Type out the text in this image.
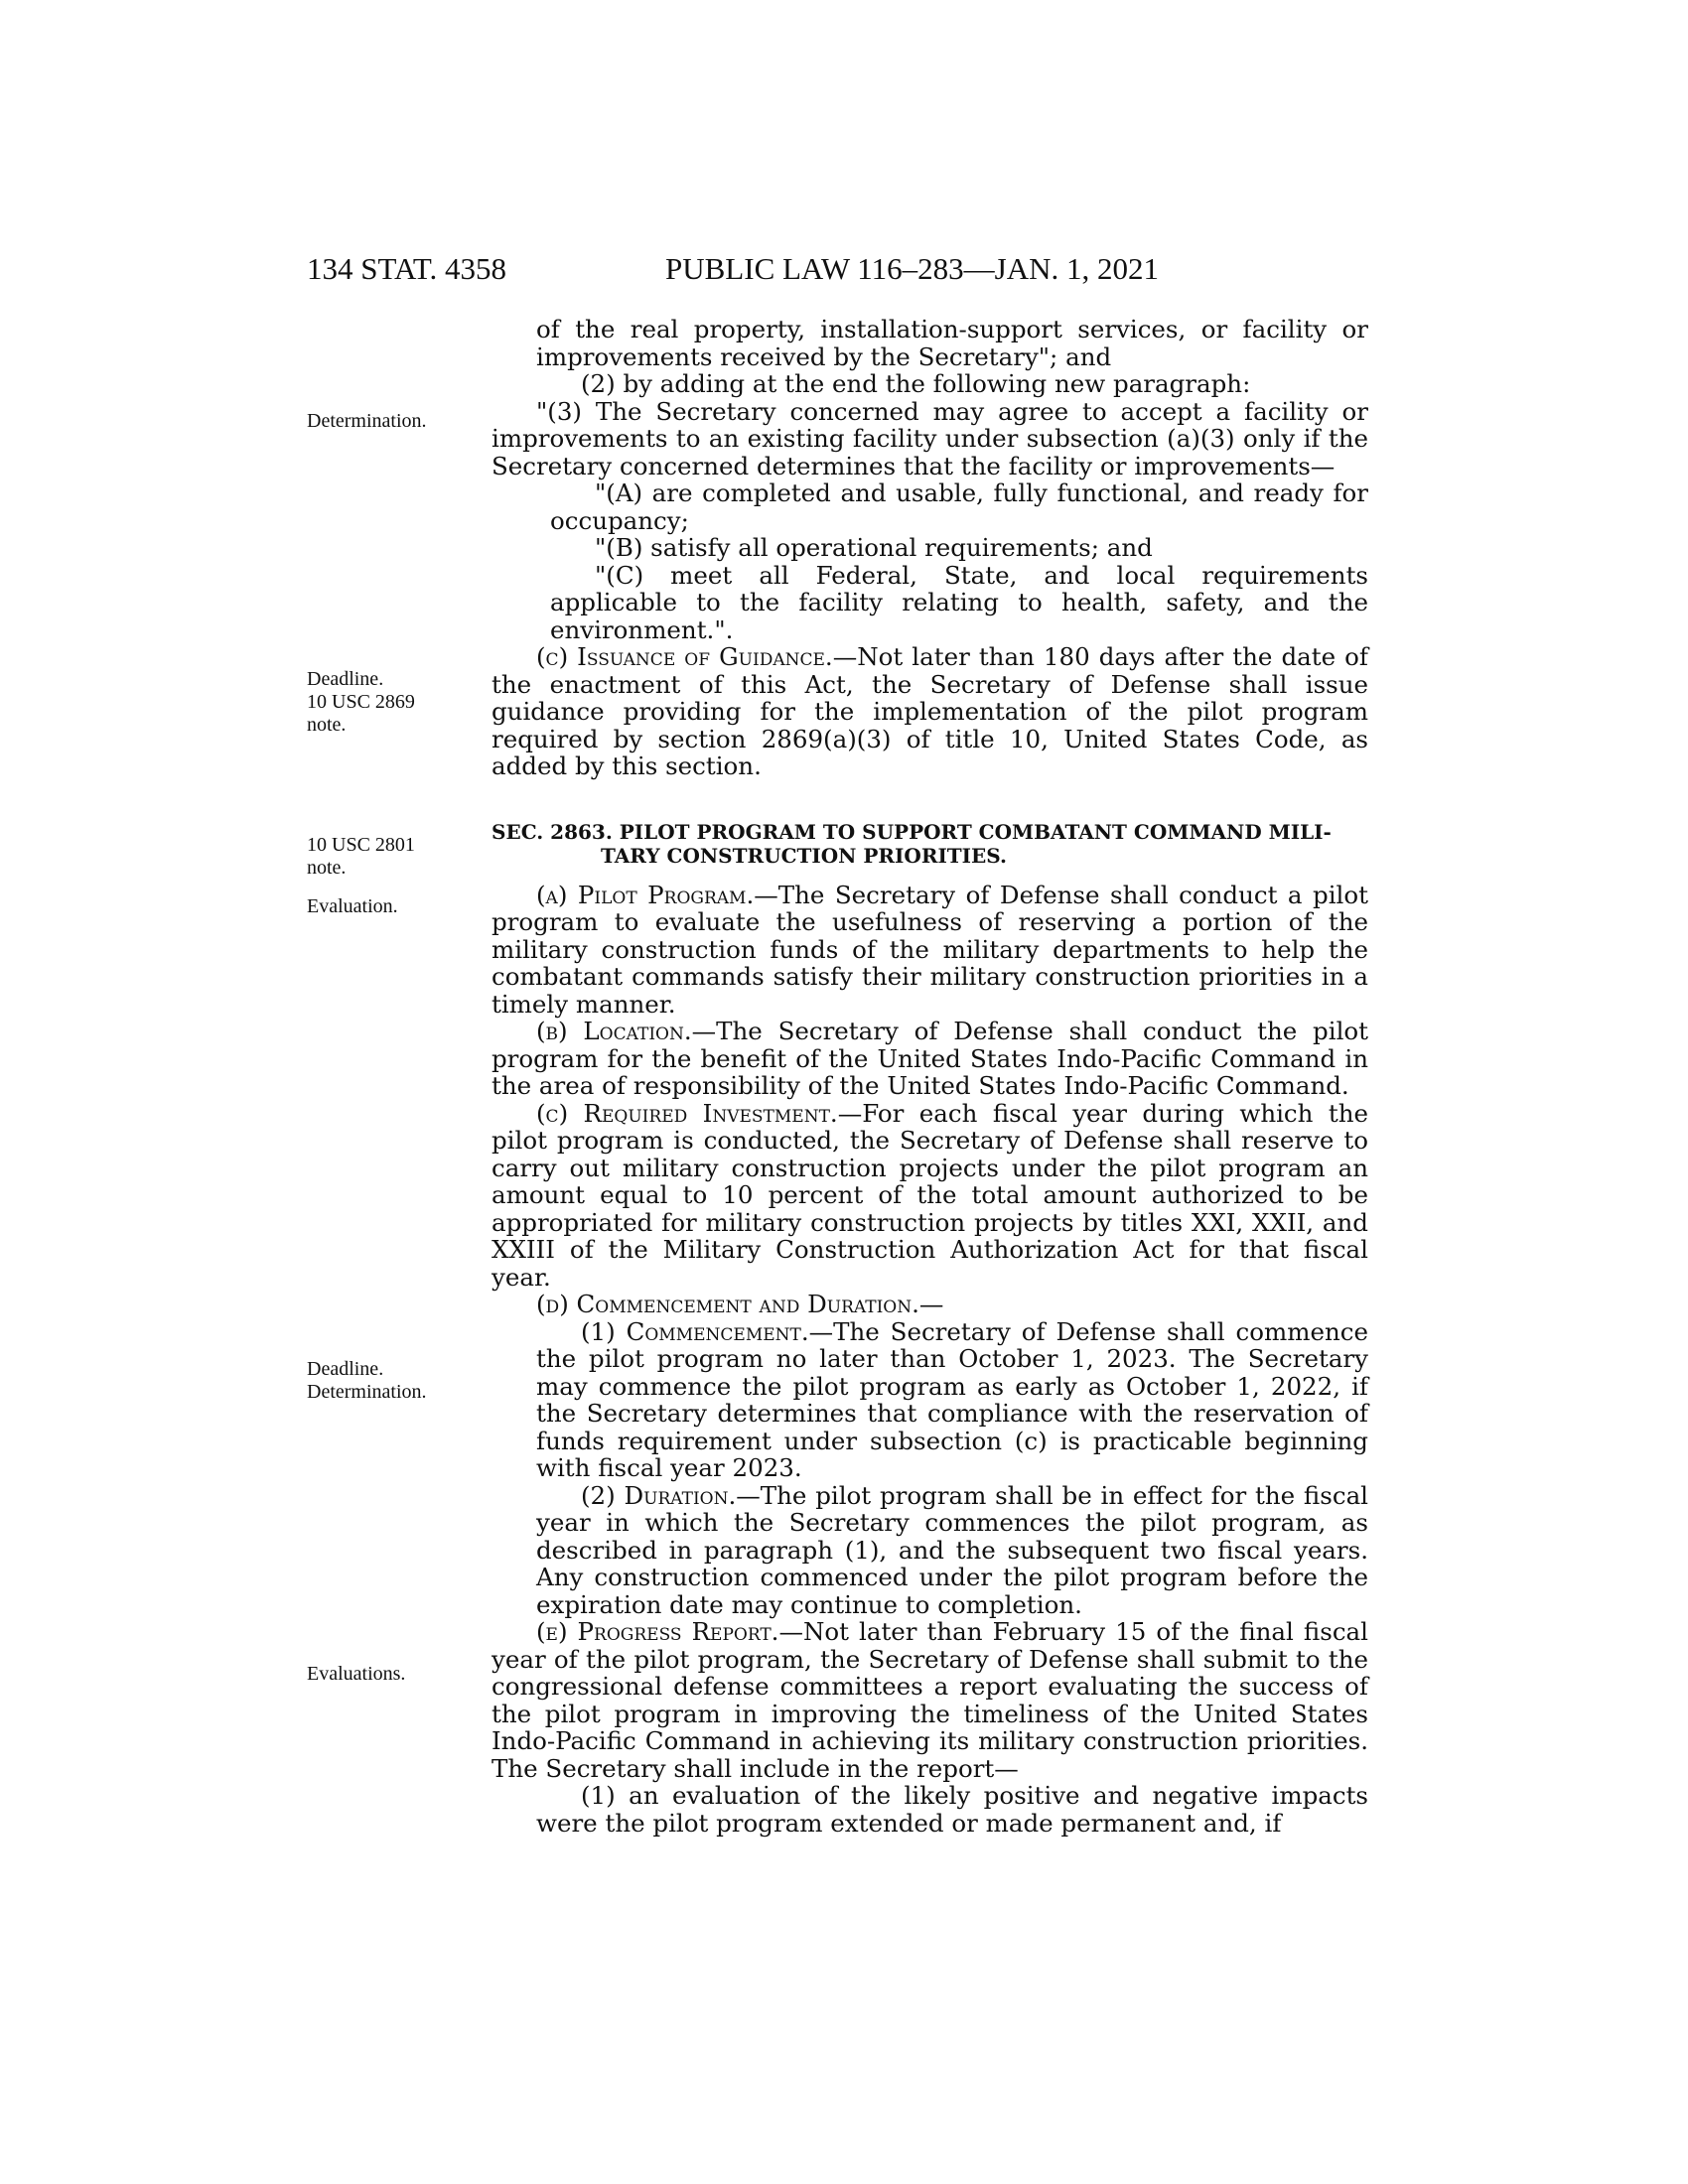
134 STAT. 4358	PUBLIC LAW 116–283—JAN. 1, 2021
Determination.
Deadline.
10 USC 2869
note.
10 USC 2801
note.
Evaluation.
Deadline.
Determination.
Evaluations.

of the real property, installation-support services, or facility or improvements received by the Secretary"; and

(2) by adding at the end the following new paragraph:

"(3) The Secretary concerned may agree to accept a facility or improvements to an existing facility under subsection (a)(3) only if the Secretary concerned determines that the facility or improvements—

"(A) are completed and usable, fully functional, and ready for occupancy;

"(B) satisfy all operational requirements; and

"(C) meet all Federal, State, and local requirements applicable to the facility relating to health, safety, and the environment.".

(c) Issuance of Guidance.—Not later than 180 days after the date of the enactment of this Act, the Secretary of Defense shall issue guidance providing for the implementation of the pilot program required by section 2869(a)(3) of title 10, United States Code, as added by this section.

SEC. 2863. PILOT PROGRAM TO SUPPORT COMBATANT COMMAND MILI-
TARY CONSTRUCTION PRIORITIES.

(a) Pilot Program.—The Secretary of Defense shall conduct a pilot program to evaluate the usefulness of reserving a portion of the military construction funds of the military departments to help the combatant commands satisfy their military construction priorities in a timely manner.

(b) Location.—The Secretary of Defense shall conduct the pilot program for the benefit of the United States Indo-Pacific Command in the area of responsibility of the United States Indo-Pacific Command.

(c) Required Investment.—For each fiscal year during which the pilot program is conducted, the Secretary of Defense shall reserve to carry out military construction projects under the pilot program an amount equal to 10 percent of the total amount authorized to be appropriated for military construction projects by titles XXI, XXII, and XXIII of the Military Construction Authorization Act for that fiscal year.

(d) Commencement and Duration.—

(1) Commencement.—The Secretary of Defense shall commence the pilot program no later than October 1, 2023. The Secretary may commence the pilot program as early as October 1, 2022, if the Secretary determines that compliance with the reservation of funds requirement under subsection (c) is practicable beginning with fiscal year 2023.

(2) Duration.—The pilot program shall be in effect for the fiscal year in which the Secretary commences the pilot program, as described in paragraph (1), and the subsequent two fiscal years. Any construction commenced under the pilot program before the expiration date may continue to completion.

(e) Progress Report.—Not later than February 15 of the final fiscal year of the pilot program, the Secretary of Defense shall submit to the congressional defense committees a report evaluating the success of the pilot program in improving the timeliness of the United States Indo-Pacific Command in achieving its military construction priorities. The Secretary shall include in the report—

(1) an evaluation of the likely positive and negative impacts were the pilot program extended or made permanent and, if
